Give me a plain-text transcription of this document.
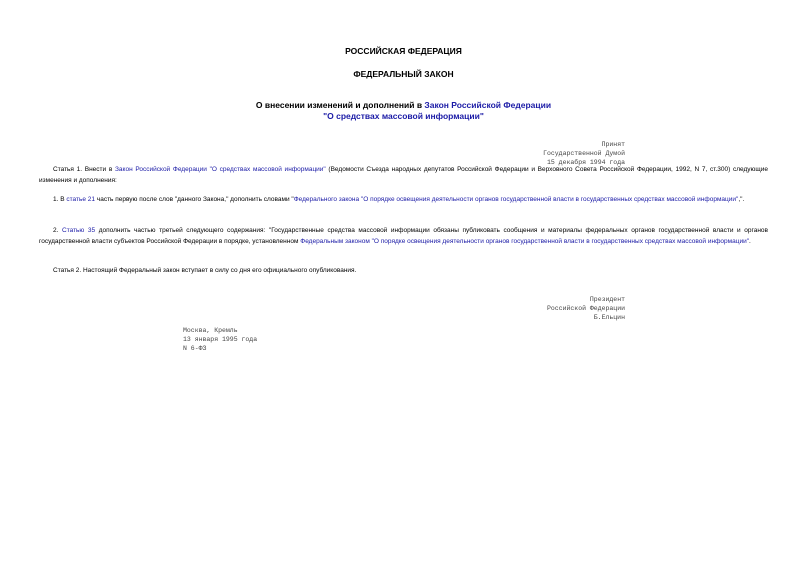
РОССИЙСКАЯ ФЕДЕРАЦИЯ
ФЕДЕРАЛЬНЫЙ ЗАКОН
О внесении изменений и дополнений в Закон Российской Федерации
"О средствах массовой информации"
Принят
Государственной Думой
15 декабря 1994 года
Статья 1. Внести в Закон Российской Федерации "О средствах массовой информации" (Ведомости Съезда народных депутатов Российской Федерации и Верховного Совета Российской Федерации, 1992, N 7, ст.300) следующие изменения и дополнения:
1. В статье 21 часть первую после слов "данного Закона," дополнить словами "Федерального закона "О порядке освещения деятельности органов государственной власти в государственных средствах массовой информации",".
2. Статью 35 дополнить частью третьей следующего содержания: "Государственные средства массовой информации обязаны публиковать сообщения и материалы федеральных органов государственной власти и органов государственной власти субъектов Российской Федерации в порядке, установленном Федеральным законом "О порядке освещения деятельности органов государственной власти в государственных средствах массовой информации".
Статья 2. Настоящий Федеральный закон вступает в силу со дня его официального опубликования.
Президент
Российской Федерации
Б.Ельцин
Москва, Кремль
13 января 1995 года
N 6-ФЗ
